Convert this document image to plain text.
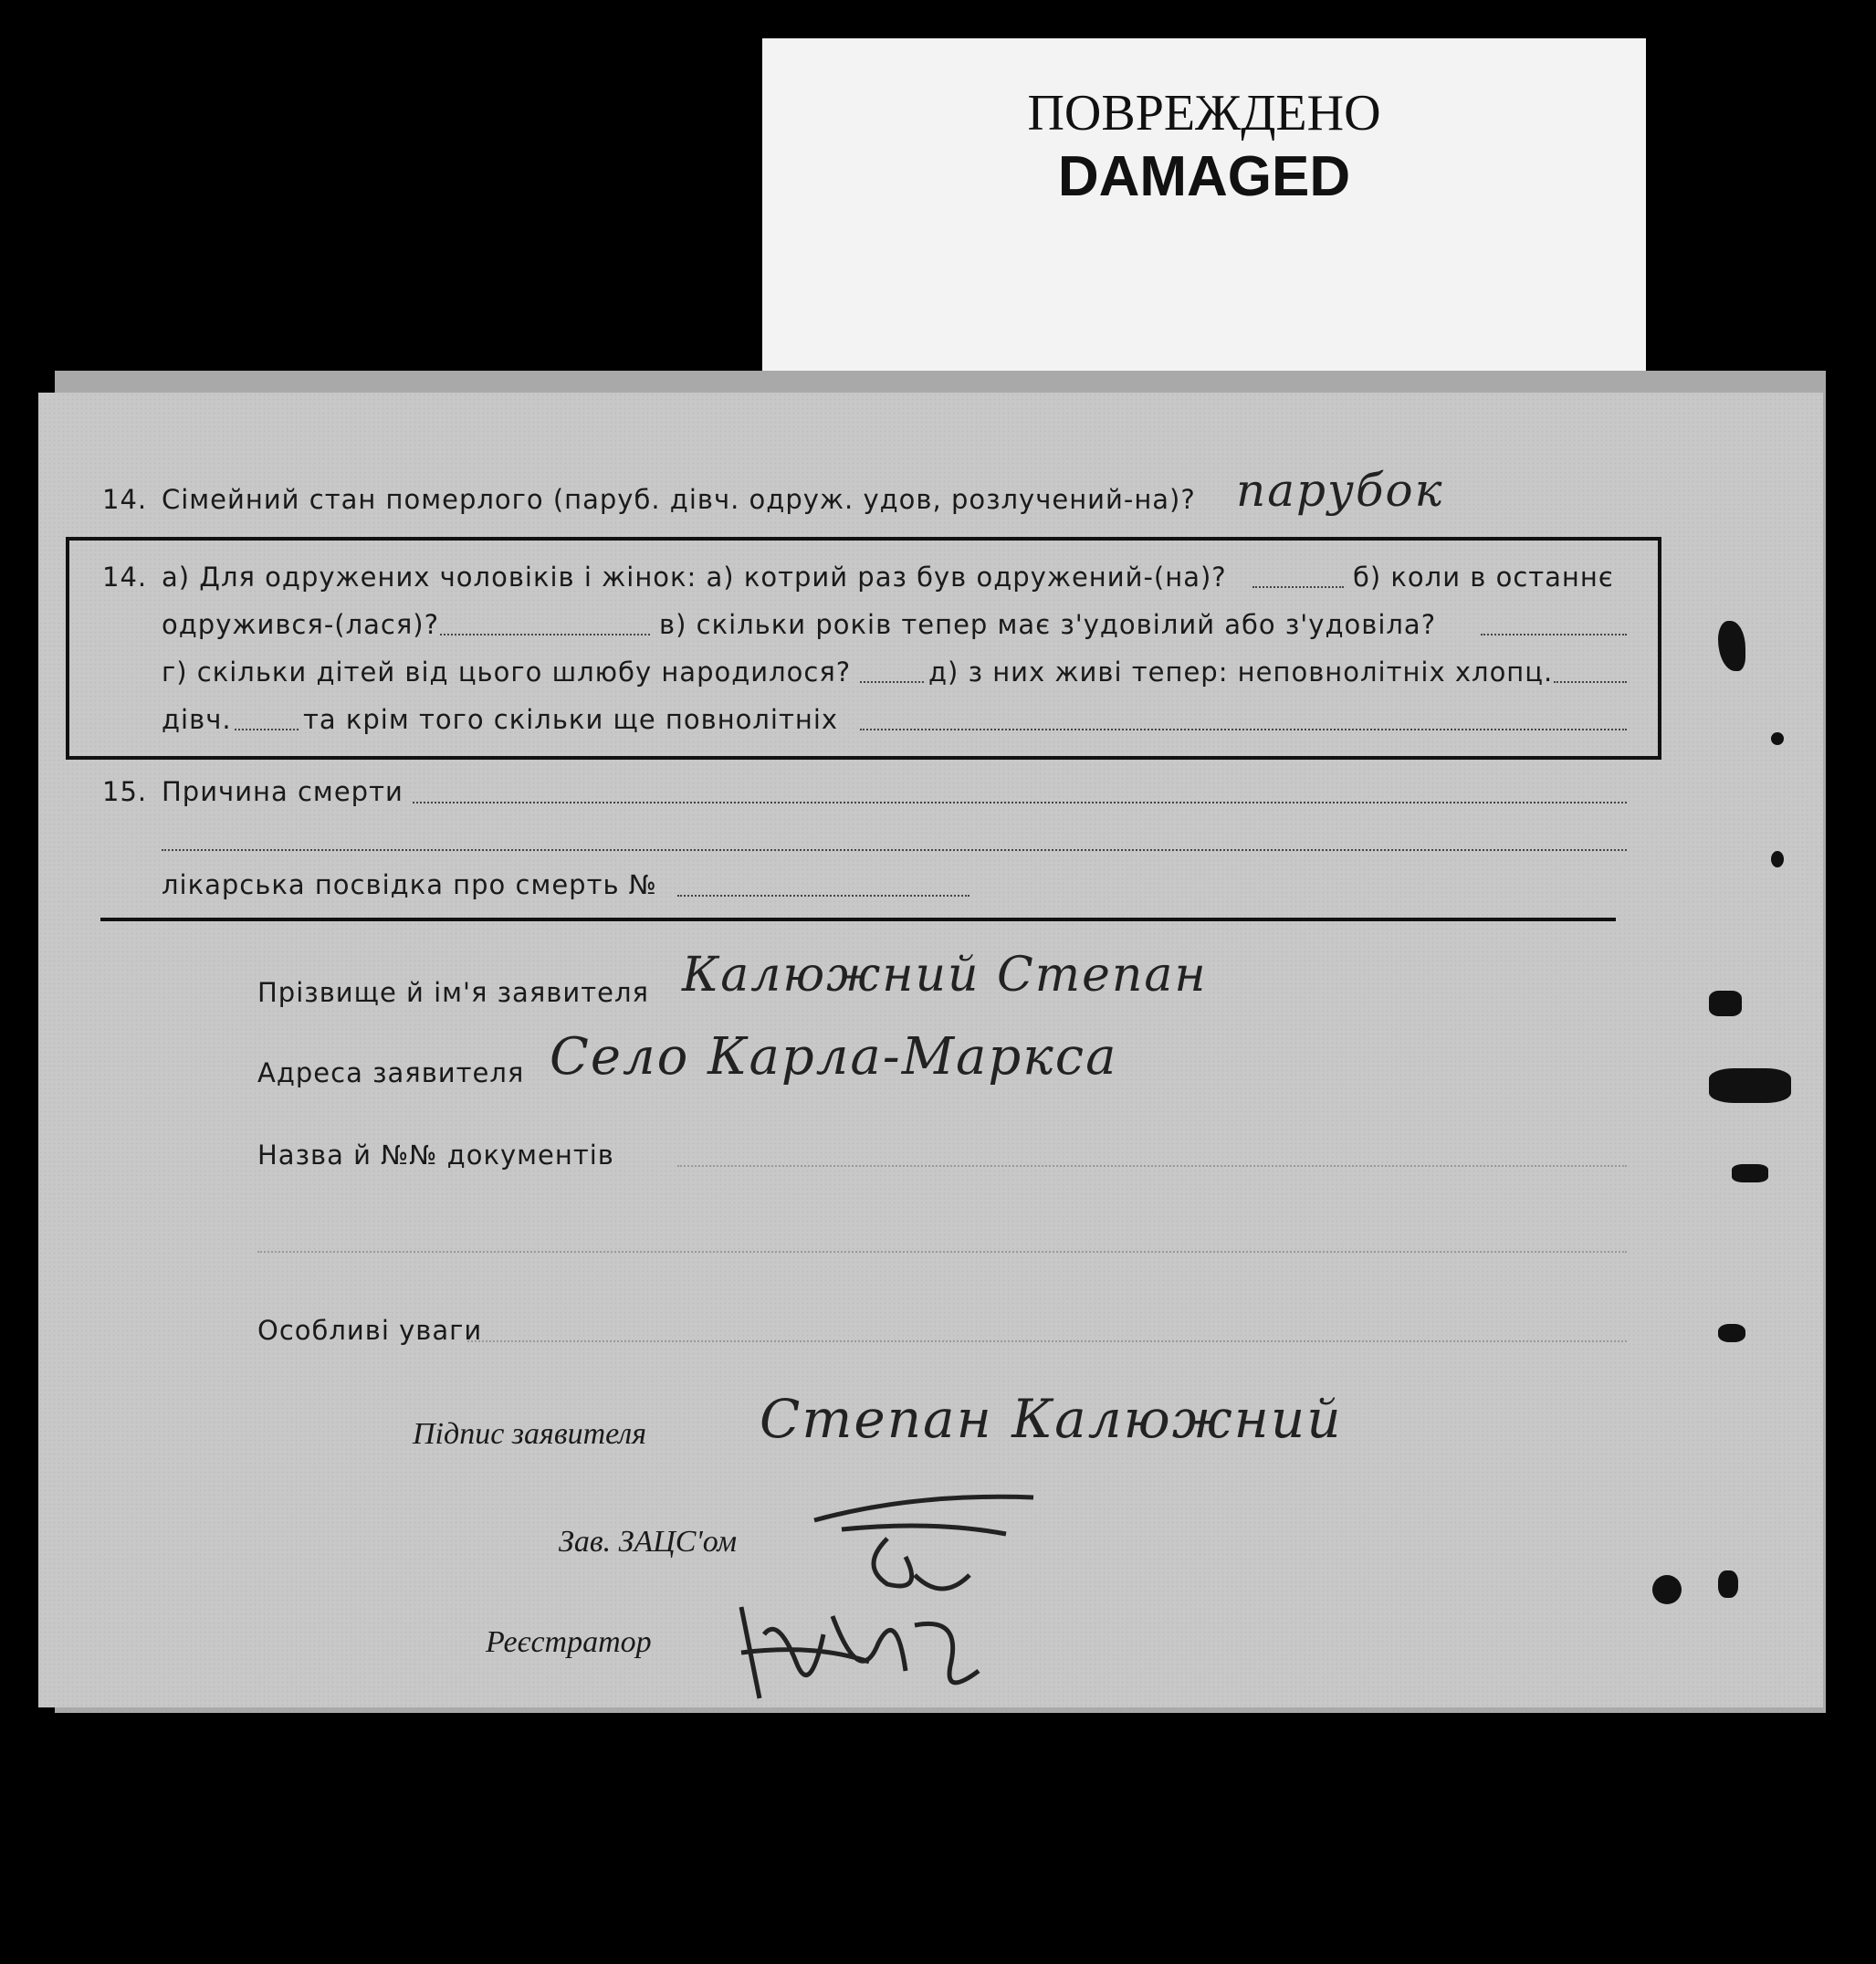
ПОВРЕЖДЕНО
DAMAGED
14. Сімейний стан померлого (паруб. дівч. одруж. удов, розлучений-на)? парубок
14. а) Для одружених чоловіків і жінок: а) котрий раз був одружений-(на)?	б) коли в останнє
одружився-(лася)?	в) скільки років тепер має з'удовілий або з'удовіла?
г) скільки дітей від цього шлюбу народилося?	д) з них живі тепер: неповнолітніх хлопц.
дівч.	та крім того скільки ще повнолітніх
15. Причина смерти
лікарська посвідка про смерть №
Прізвище й ім'я заявителя Калюжний Степан
Адреса заявителя Село Карла-Маркса
Назва й №№ документів
Особливі уваги
Підпис заявителя Степан Калюжний
Зав. ЗАЦС'ом
Реєстратор
